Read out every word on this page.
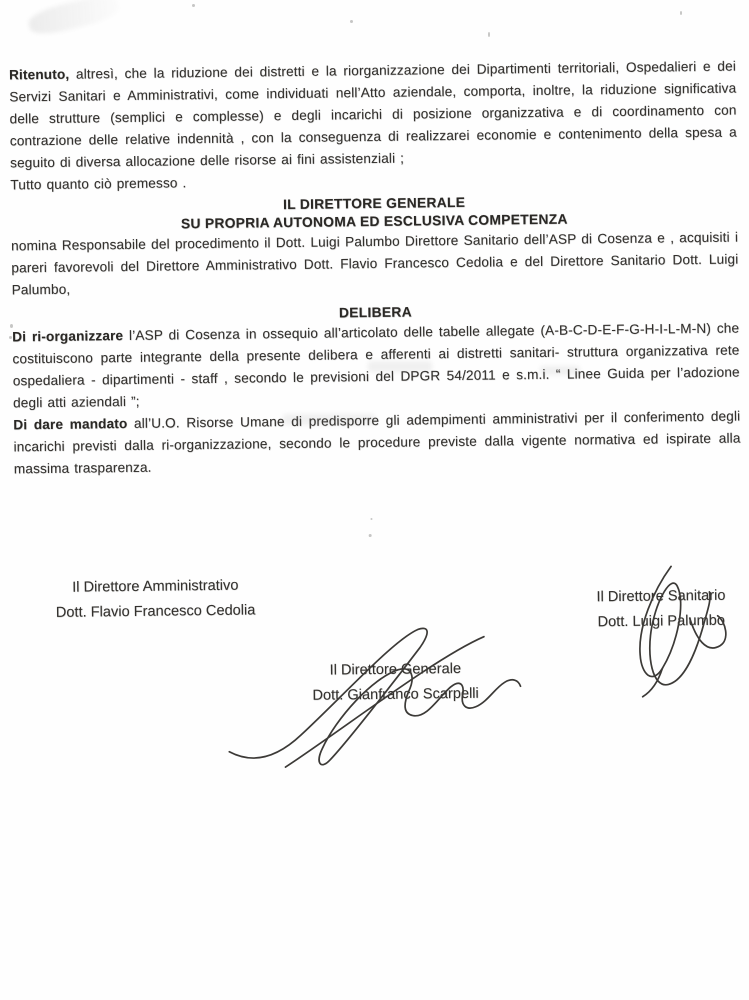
Ritenuto, altresì, che la riduzione dei distretti e la riorganizzazione dei Dipartimenti territoriali, Ospedalieri e dei Servizi Sanitari e Amministrativi, come individuati nell’Atto aziendale, comporta, inoltre, la riduzione significativa delle strutture (semplici e complesse) e degli incarichi di posizione organizzativa e di coordinamento con contrazione delle relative indennità , con la conseguenza di realizzarei economie e contenimento della spesa a seguito di diversa allocazione delle risorse ai fini assistenziali ;

Tutto quanto ciò premesso .

IL DIRETTORE GENERALE
SU PROPRIA AUTONOMA ED ESCLUSIVA COMPETENZA

nomina Responsabile del procedimento il Dott. Luigi Palumbo Direttore Sanitario dell’ASP di Cosenza e , acquisiti i pareri favorevoli del Direttore Amministrativo Dott. Flavio Francesco Cedolia e del Direttore Sanitario Dott. Luigi Palumbo,

DELIBERA

Di ri-organizzare l’ASP di Cosenza in ossequio all’articolato delle tabelle allegate (A-B-C-D-E-F-G-H-I-L-M-N) che costituiscono parte integrante della presente delibera e afferenti ai distretti sanitari- struttura organizzativa rete ospedaliera - dipartimenti - staff , secondo le previsioni del DPGR 54/2011 e s.m.i. “ Linee Guida per l’adozione degli atti aziendali ”;

Di dare mandato all’U.O. Risorse Umane di predisporre gli adempimenti amministrativi per il conferimento degli incarichi previsti dalla ri-organizzazione, secondo le procedure previste dalla vigente normativa ed ispirate alla massima trasparenza.

Il Direttore Amministrativo
Dott. Flavio Francesco Cedolia
Il Direttore Sanitario
Dott. Luigi Palumbo
Il Direttore Generale
Dott. Gianfranco Scarpelli
